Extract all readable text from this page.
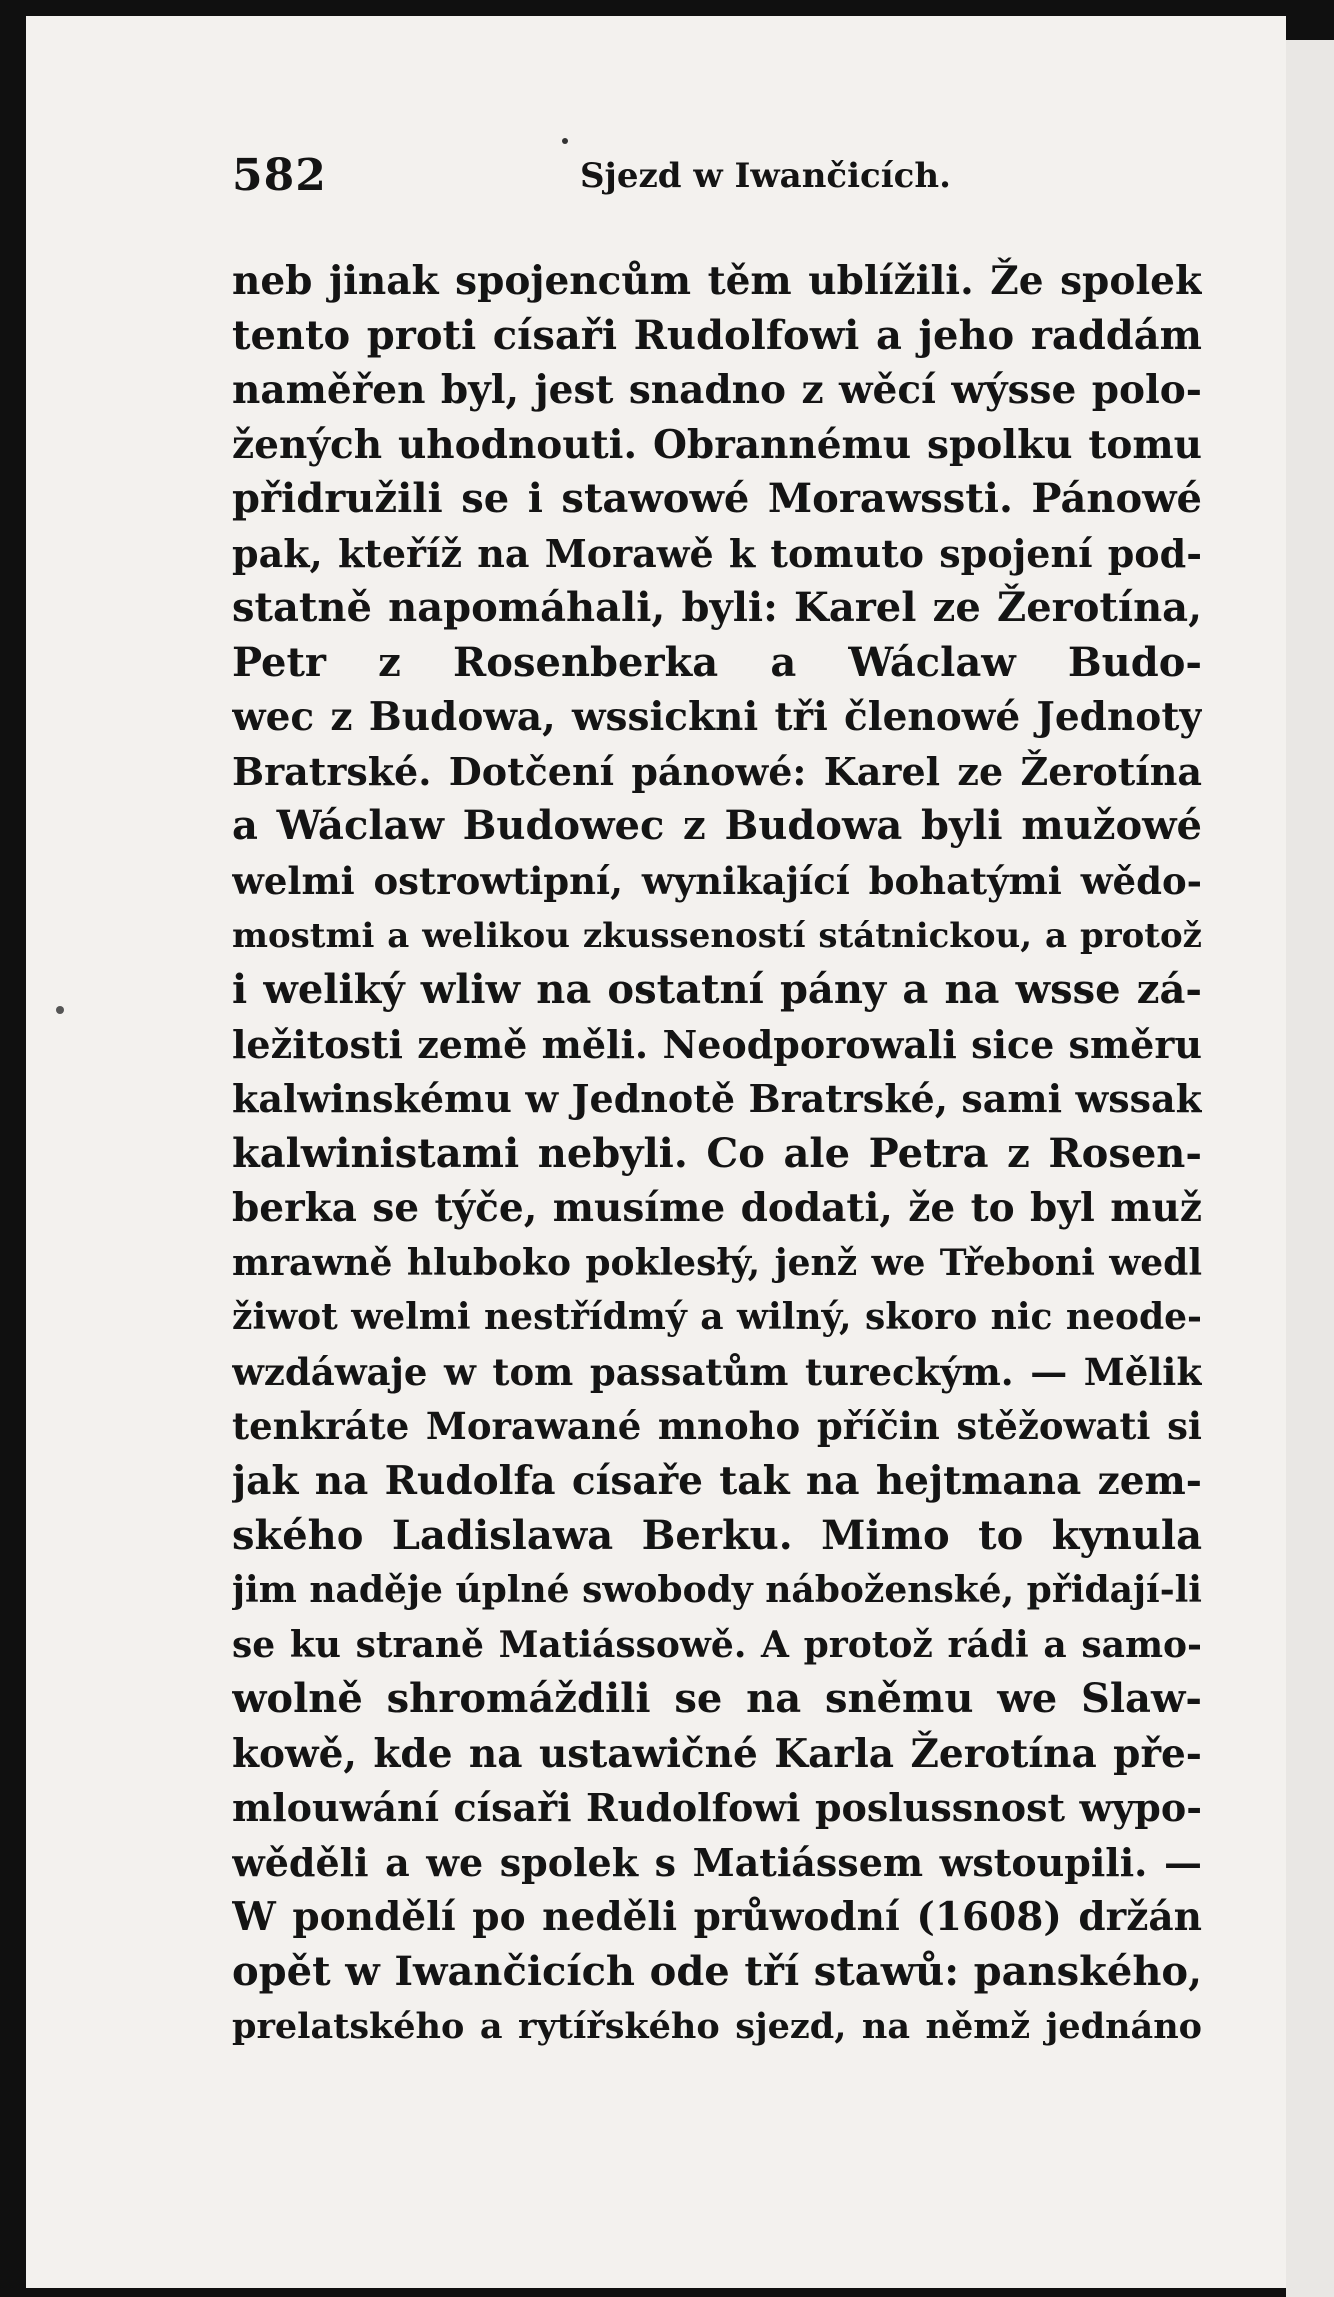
582	Sjezd w Iwančicích.
neb jinak spojencům těm ublížili. Že spolek
tento proti císaři Rudolfowi a jeho raddám
naměřen byl, jest snadno z wěcí wýsse polo-
žených uhodnouti. Obrannému spolku tomu
přidružili se i stawowé Morawssti. Pánowé
pak, kteříž na Morawě k tomuto spojení pod-
statně napomáhali, byli: Karel ze Žerotína,
Petr z Rosenberka a Wáclaw Budo-
wec z Budowa, wssickni tři členowé Jednoty
Bratrské. Dotčení pánowé: Karel ze Žerotína
a Wáclaw Budowec z Budowa byli mužowé
welmi ostrowtipní, wynikající bohatými wědo-
mostmi a welikou zkusseností státnickou, a protož
i weliký wliw na ostatní pány a na wsse zá-
ležitosti země měli. Neodporowali sice směru
kalwinskému w Jednotě Bratrské, sami wssak
kalwinistami nebyli. Co ale Petra z Rosen-
berka se týče, musíme dodati, že to byl muž
mrawně hluboko poklesłý, jenž we Třeboni wedl
žiwot welmi nestřídmý a wilný, skoro nic neode-
wzdáwaje w tom passatům tureckým. — Mělik
tenkráte Morawané mnoho příčin stěžowati si
jak na Rudolfa císaře tak na hejtmana zem-
ského Ladislawa Berku. Mimo to kynula
jim naděje úplné swobody náboženské, přidají-li
se ku straně Matiássowě. A protož rádi a samo-
wolně shromáždili se na sněmu we Slaw-
kowě, kde na ustawičné Karla Žerotína pře-
mlouwání císaři Rudolfowi poslussnost wypo-
wěděli a we spolek s Matiássem wstoupili. —
W pondělí po neděli průwodní (1608) držán
opět w Iwančicích ode tří stawů: panského,
prelatského a rytířského sjezd, na němž jednáno
